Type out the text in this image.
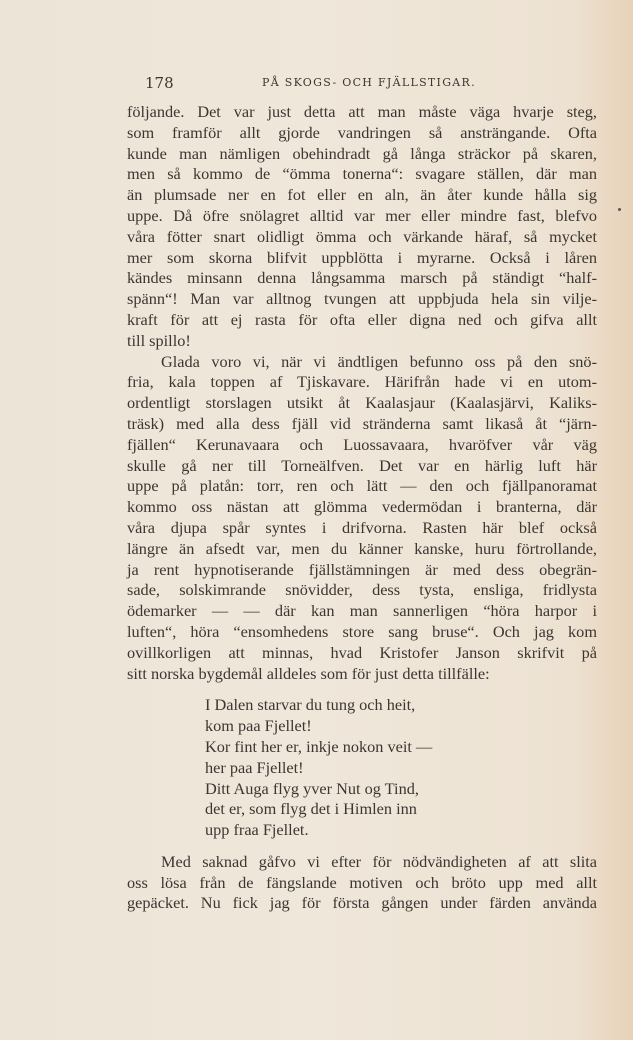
178	PÅ SKOGS- OCH FJÄLLSTIGAR.
följande. Det var just detta att man måste väga hvarje steg,
som framför allt gjorde vandringen så ansträngande. Ofta
kunde man nämligen obehindradt gå långa sträckor på skaren,
men så kommo de “ömma tonerna“: svagare ställen, där man
än plumsade ner en fot eller en aln, än åter kunde hålla sig
uppe. Då öfre snölagret alltid var mer eller mindre fast, blefvo
våra fötter snart olidligt ömma och värkande häraf, så mycket
mer som skorna blifvit uppblötta i myrarne. Också i låren
kändes minsann denna långsamma marsch på ständigt “half-
spänn“! Man var alltnog tvungen att uppbjuda hela sin vilje-
kraft för att ej rasta för ofta eller digna ned och gifva allt
till spillo!
Glada voro vi, när vi ändtligen befunno oss på den snö-
fria, kala toppen af Tjiskavare. Härifrån hade vi en utom-
ordentligt storslagen utsikt åt Kaalasjaur (Kaalasjärvi, Kaliks-
träsk) med alla dess fjäll vid stränderna samt likaså åt “järn-
fjällen“ Kerunavaara och Luossavaara, hvaröfver vår väg
skulle gå ner till Torneälfven. Det var en härlig luft här
uppe på platån: torr, ren och lätt — den och fjällpanoramat
kommo oss nästan att glömma vedermödan i branterna, där
våra djupa spår syntes i drifvorna. Rasten här blef också
längre än afsedt var, men du känner kanske, huru förtrollande,
ja rent hypnotiserande fjällstämningen är med dess obegrän-
sade, solskimrande snövidder, dess tysta, ensliga, fridlysta
ödemarker — — där kan man sannerligen “höra harpor i
luften“, höra “ensomhedens store sang bruse“. Och jag kom
ovillkorligen att minnas, hvad Kristofer Janson skrifvit på
sitt norska bygdemål alldeles som för just detta tillfälle:
I Dalen starvar du tung och heit,
kom paa Fjellet!
Kor fint her er, inkje nokon veit —
her paa Fjellet!
Ditt Auga flyg yver Nut og Tind,
det er, som flyg det i Himlen inn
upp fraa Fjellet.
Med saknad gåfvo vi efter för nödvändigheten af att slita
oss lösa från de fängslande motiven och bröto upp med allt
gepäcket. Nu fick jag för första gången under färden använda
